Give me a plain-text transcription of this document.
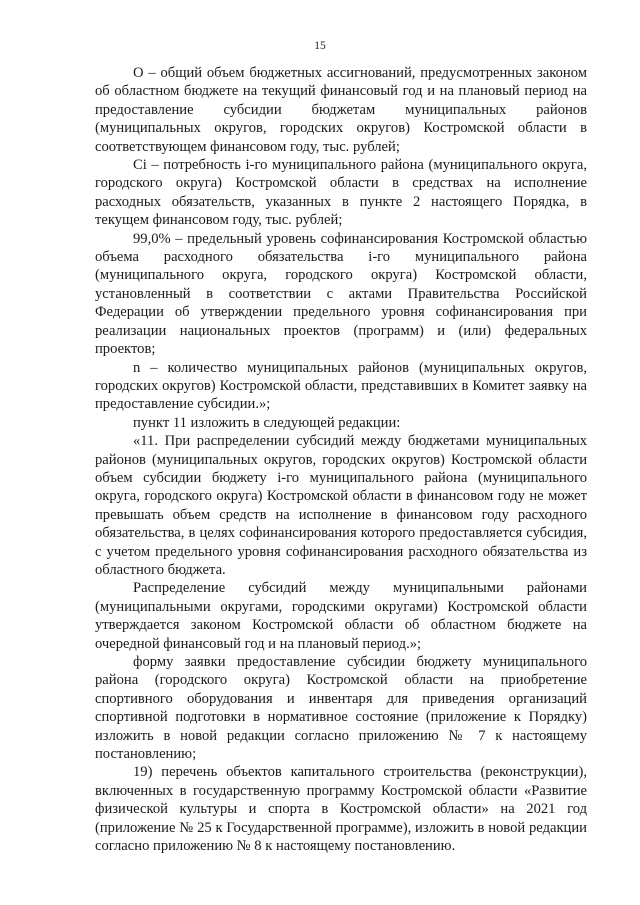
15

О – общий объем бюджетных ассигнований, предусмотренных законом об областном бюджете на текущий финансовый год и на плановый период на предоставление субсидии бюджетам муниципальных районов (муниципальных округов, городских округов) Костромской области в соответствующем финансовом году, тыс. рублей;

Ci – потребность i-го муниципального района (муниципального округа, городского округа) Костромской области в средствах на исполнение расходных обязательств, указанных в пункте 2 настоящего Порядка, в текущем финансовом году, тыс. рублей;

99,0% – предельный уровень софинансирования Костромской областью объема расходного обязательства i-го муниципального района (муниципального округа, городского округа) Костромской области, установленный в соответствии с актами Правительства Российской Федерации об утверждении предельного уровня софинансирования при реализации национальных проектов (программ) и (или) федеральных проектов;

n – количество муниципальных районов (муниципальных округов, городских округов) Костромской области, представивших в Комитет заявку на предоставление субсидии.»;

пункт 11 изложить в следующей редакции:

«11. При распределении субсидий между бюджетами муниципальных районов (муниципальных округов, городских округов) Костромской области объем субсидии бюджету i-го муниципального района (муниципального округа, городского округа) Костромской области в финансовом году не может превышать объем средств на исполнение в финансовом году расходного обязательства, в целях софинансирования которого предоставляется субсидия, с учетом предельного уровня софинансирования расходного обязательства из областного бюджета.

Распределение субсидий между муниципальными районами (муниципальными округами, городскими округами) Костромской области утверждается законом Костромской области об областном бюджете на очередной финансовый год и на плановый период.»;

форму заявки предоставление субсидии бюджету муниципального района (городского округа) Костромской области на приобретение спортивного оборудования и инвентаря для приведения организаций спортивной подготовки в нормативное состояние (приложение к Порядку) изложить в новой редакции согласно приложению № 7 к настоящему постановлению;

19) перечень объектов капитального строительства (реконструкции), включенных в государственную программу Костромской области «Развитие физической культуры и спорта в Костромской области» на 2021 год (приложение № 25 к Государственной программе), изложить в новой редакции согласно приложению № 8 к настоящему постановлению.
